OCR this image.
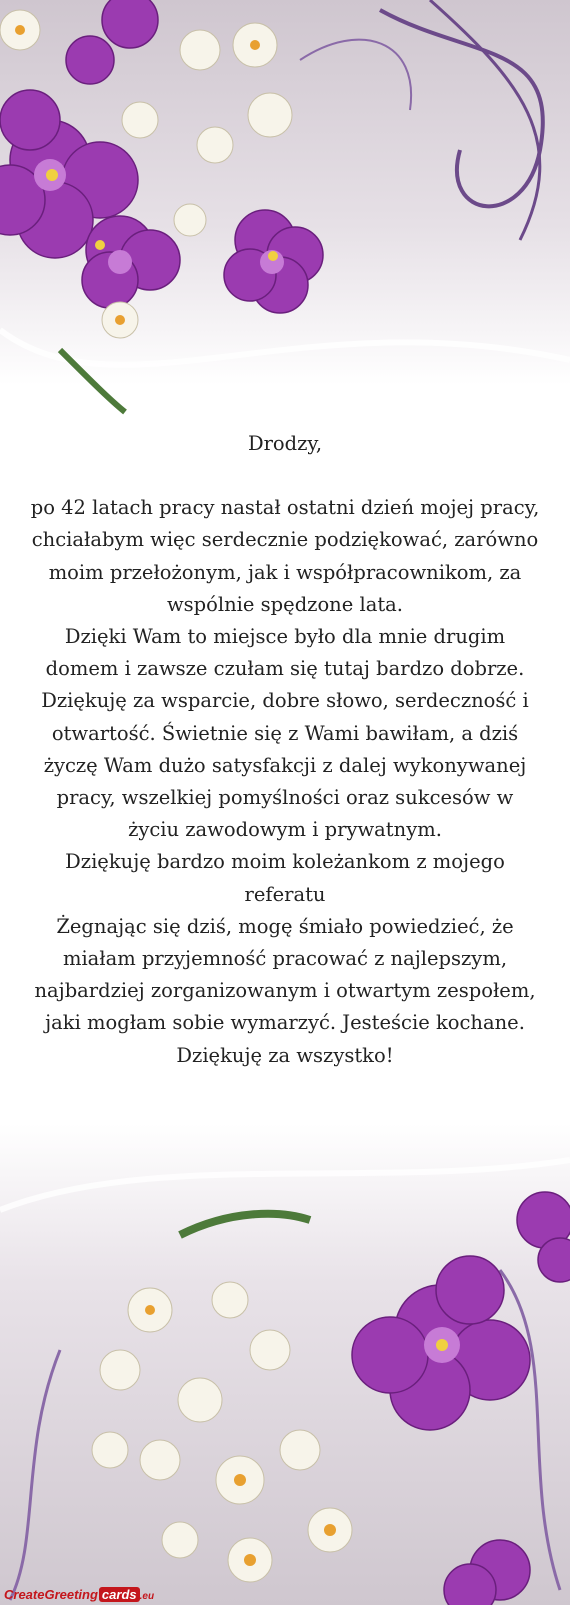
Drodzy,

po 42 latach pracy nastał ostatni dzień mojej pracy, chciałabym więc serdecznie podziękować, zarówno moim przełożonym, jak i współpracownikom, za wspólnie spędzone lata.

Dzięki Wam to miejsce było dla mnie drugim domem i zawsze czułam się tutaj bardzo dobrze.

Dziękuję za wsparcie, dobre słowo, serdeczność i otwartość. Świetnie się z Wami bawiłam, a dziś życzę Wam dużo satysfakcji z dalej wykonywanej pracy, wszelkiej pomyślności oraz sukcesów w życiu zawodowym i prywatnym.

Dziękuję bardzo moim koleżankom z mojego referatu

Żegnając się dziś, mogę śmiało powiedzieć, że miałam przyjemność pracować z najlepszym, najbardziej zorganizowanym i otwartym zespołem, jaki mogłam sobie wymarzyć. Jesteście kochane. Dziękuję za wszystko!

CreateGreeting cards .eu
